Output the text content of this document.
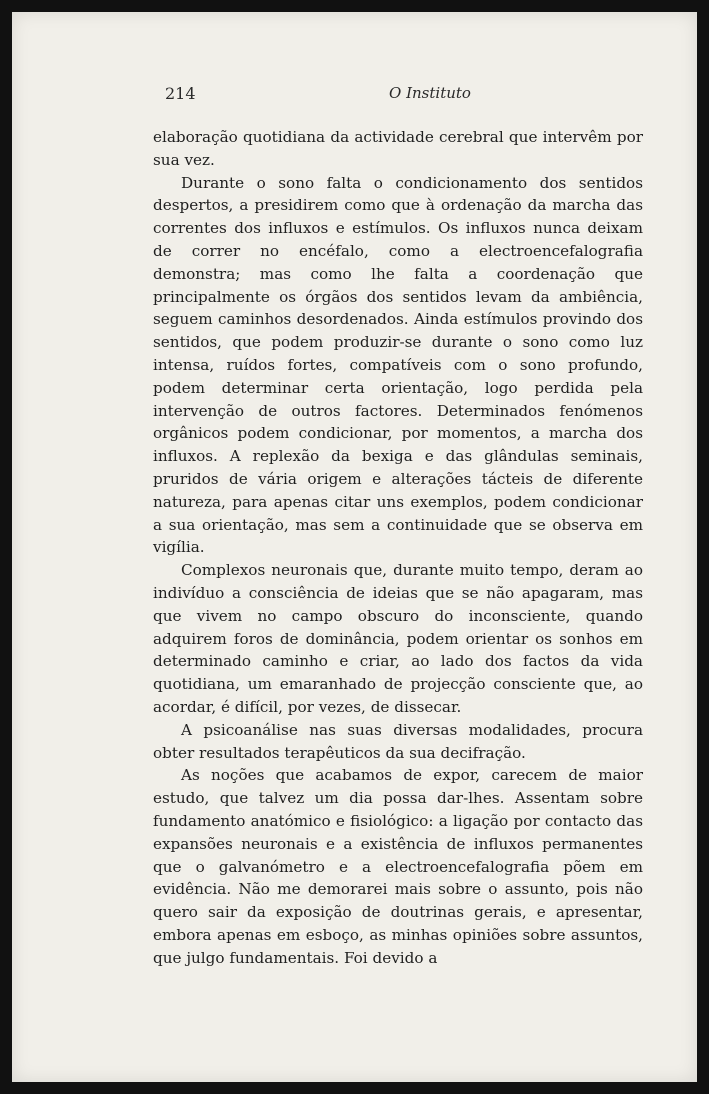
214	O Instituto

elaboração quotidiana da actividade cerebral que intervêm por sua vez.

Durante o sono falta o condicionamento dos sentidos despertos, a presidirem como que à ordenação da marcha das correntes dos influxos e estímulos. Os influxos nunca deixam de correr no encéfalo, como a electroencefalografia demonstra; mas como lhe falta a coordenação que principalmente os órgãos dos sentidos levam da ambiência, seguem caminhos desordenados. Ainda estímulos provindo dos sentidos, que podem produzir-se durante o sono como luz intensa, ruídos fortes, compatíveis com o sono profundo, podem determinar certa orientação, logo perdida pela intervenção de outros factores. Determinados fenómenos orgânicos podem condicionar, por momentos, a marcha dos influxos. A replexão da bexiga e das glândulas seminais, pruridos de vária origem e alterações tácteis de diferente natureza, para apenas citar uns exemplos, podem condicionar a sua orientação, mas sem a continuidade que se observa em vigília.

Complexos neuronais que, durante muito tempo, deram ao indivíduo a consciência de ideias que se não apagaram, mas que vivem no campo obscuro do inconsciente, quando adquirem foros de dominância, podem orientar os sonhos em determinado caminho e criar, ao lado dos factos da vida quotidiana, um emaranhado de projecção consciente que, ao acordar, é difícil, por vezes, de dissecar.

A psicoanálise nas suas diversas modalidades, procura obter resultados terapêuticos da sua decifração.

As noções que acabamos de expor, carecem de maior estudo, que talvez um dia possa dar-lhes. Assentam sobre fundamento anatómico e fisiológico: a ligação por contacto das expansões neuronais e a existência de influxos permanentes que o galvanómetro e a electroencefalografia põem em evidência. Não me demorarei mais sobre o assunto, pois não quero sair da exposição de doutrinas gerais, e apresentar, embora apenas em esboço, as minhas opiniões sobre assuntos, que julgo fundamentais. Foi devido a
